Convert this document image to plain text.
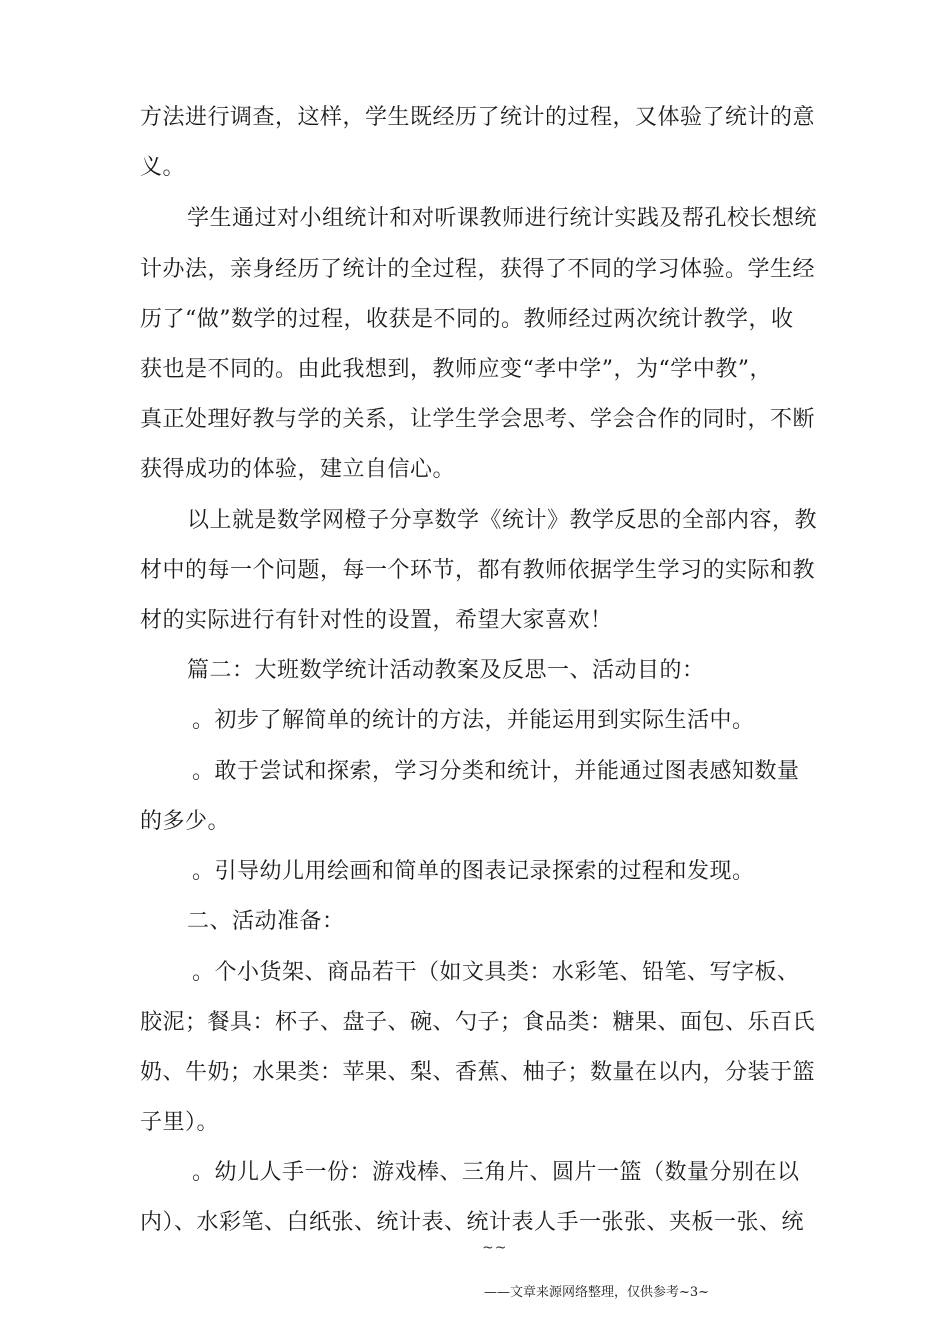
方法进行调查，这样，学生既经历了统计的过程，又体验了统计的意
义。
学生通过对小组统计和对听课教师进行统计实践及帮孔校长想统
计办法，亲身经历了统计的全过程，获得了不同的学习体验。学生经
历了“做”数学的过程，收获是不同的。教师经过两次统计教学，收
获也是不同的。由此我想到，教师应变“孝中学”，为“学中教”，
真正处理好教与学的关系，让学生学会思考、学会合作的同时，不断
获得成功的体验，建立自信心。
以上就是数学网橙子分享数学《统计》教学反思的全部内容，教
材中的每一个问题，每一个环节，都有教师依据学生学习的实际和教
材的实际进行有针对性的设置，希望大家喜欢！
篇二：大班数学统计活动教案及反思一、活动目的：
。初步了解简单的统计的方法，并能运用到实际生活中。
。敢于尝试和探索，学习分类和统计，并能通过图表感知数量
的多少。
。引导幼儿用绘画和简单的图表记录探索的过程和发现。
二、活动准备：
。个小货架、商品若干（如文具类：水彩笔、铅笔、写字板、
胶泥；餐具：杯子、盘子、碗、勺子；食品类：糖果、面包、乐百氏
奶、牛奶；水果类：苹果、梨、香蕉、柚子；数量在以内，分装于篮
子里）。
。幼儿人手一份：游戏棒、三角片、圆片一篮（数量分别在以
内）、水彩笔、白纸张、统计表、统计表人手一张张、夹板一张、统
~~
——文章来源网络整理，仅供参考~3~
